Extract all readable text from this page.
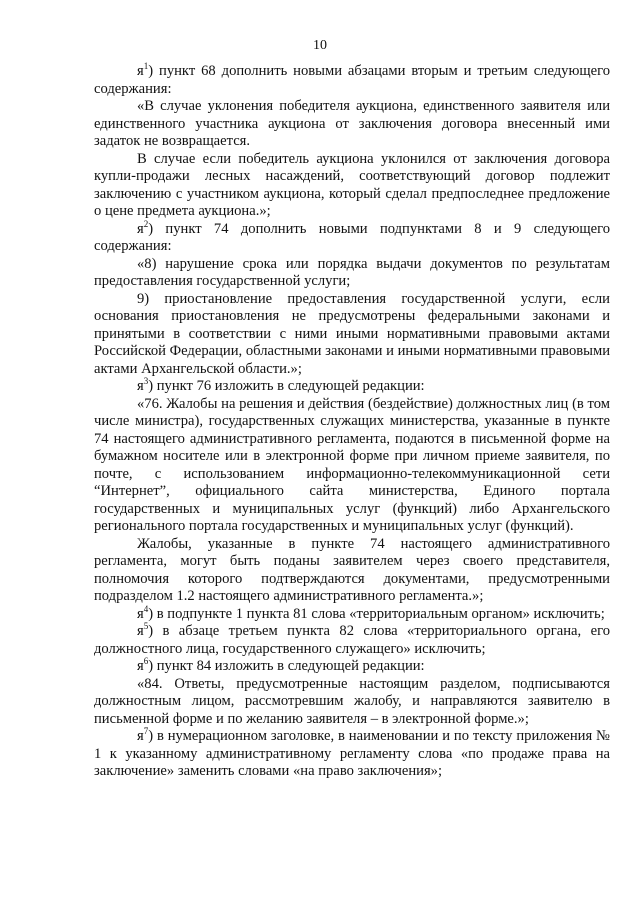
10

$я^1$) пункт 68 дополнить новыми абзацами вторым и третьим следующего содержания:

«В случае уклонения победителя аукциона, единственного заявителя или единственного участника аукциона от заключения договора внесенный ими задаток не возвращается.

В случае если победитель аукциона уклонился от заключения договора купли-продажи лесных насаждений, соответствующий договор подлежит заключению с участником аукциона, который сделал предпоследнее предложение о цене предмета аукциона.»;

$я^2$) пункт 74 дополнить новыми подпунктами 8 и 9 следующего содержания:

«8) нарушение срока или порядка выдачи документов по результатам предоставления государственной услуги;

9) приостановление предоставления государственной услуги, если основания приостановления не предусмотрены федеральными законами и принятыми в соответствии с ними иными нормативными правовыми актами Российской Федерации, областными законами и иными нормативными правовыми актами Архангельской области.»;

$я^3$) пункт 76 изложить в следующей редакции:

«76. Жалобы на решения и действия (бездействие) должностных лиц (в том числе министра), государственных служащих министерства, указанные в пункте 74 настоящего административного регламента, подаются в письменной форме на бумажном носителе или в электронной форме при личном приеме заявителя, по почте, с использованием информационно-телекоммуникационной сети “Интернет”, официального сайта министерства, Единого портала государственных и муниципальных услуг (функций) либо Архангельского регионального портала государственных и муниципальных услуг (функций).

Жалобы, указанные в пункте 74 настоящего административного регламента, могут быть поданы заявителем через своего представителя, полномочия которого подтверждаются документами, предусмотренными подразделом 1.2 настоящего административного регламента.»;

$я^4$) в подпункте 1 пункта 81 слова «территориальным органом» исключить;

$я^5$) в абзаце третьем пункта 82 слова «территориального органа, его должностного лица, государственного служащего» исключить;

$я^6$) пункт 84 изложить в следующей редакции:

«84. Ответы, предусмотренные настоящим разделом, подписываются должностным лицом, рассмотревшим жалобу, и направляются заявителю в письменной форме и по желанию заявителя – в электронной форме.»;

$я^7$) в нумерационном заголовке, в наименовании и по тексту приложения № 1 к указанному административному регламенту слова «по продаже права на заключение» заменить словами «на право заключения»;
